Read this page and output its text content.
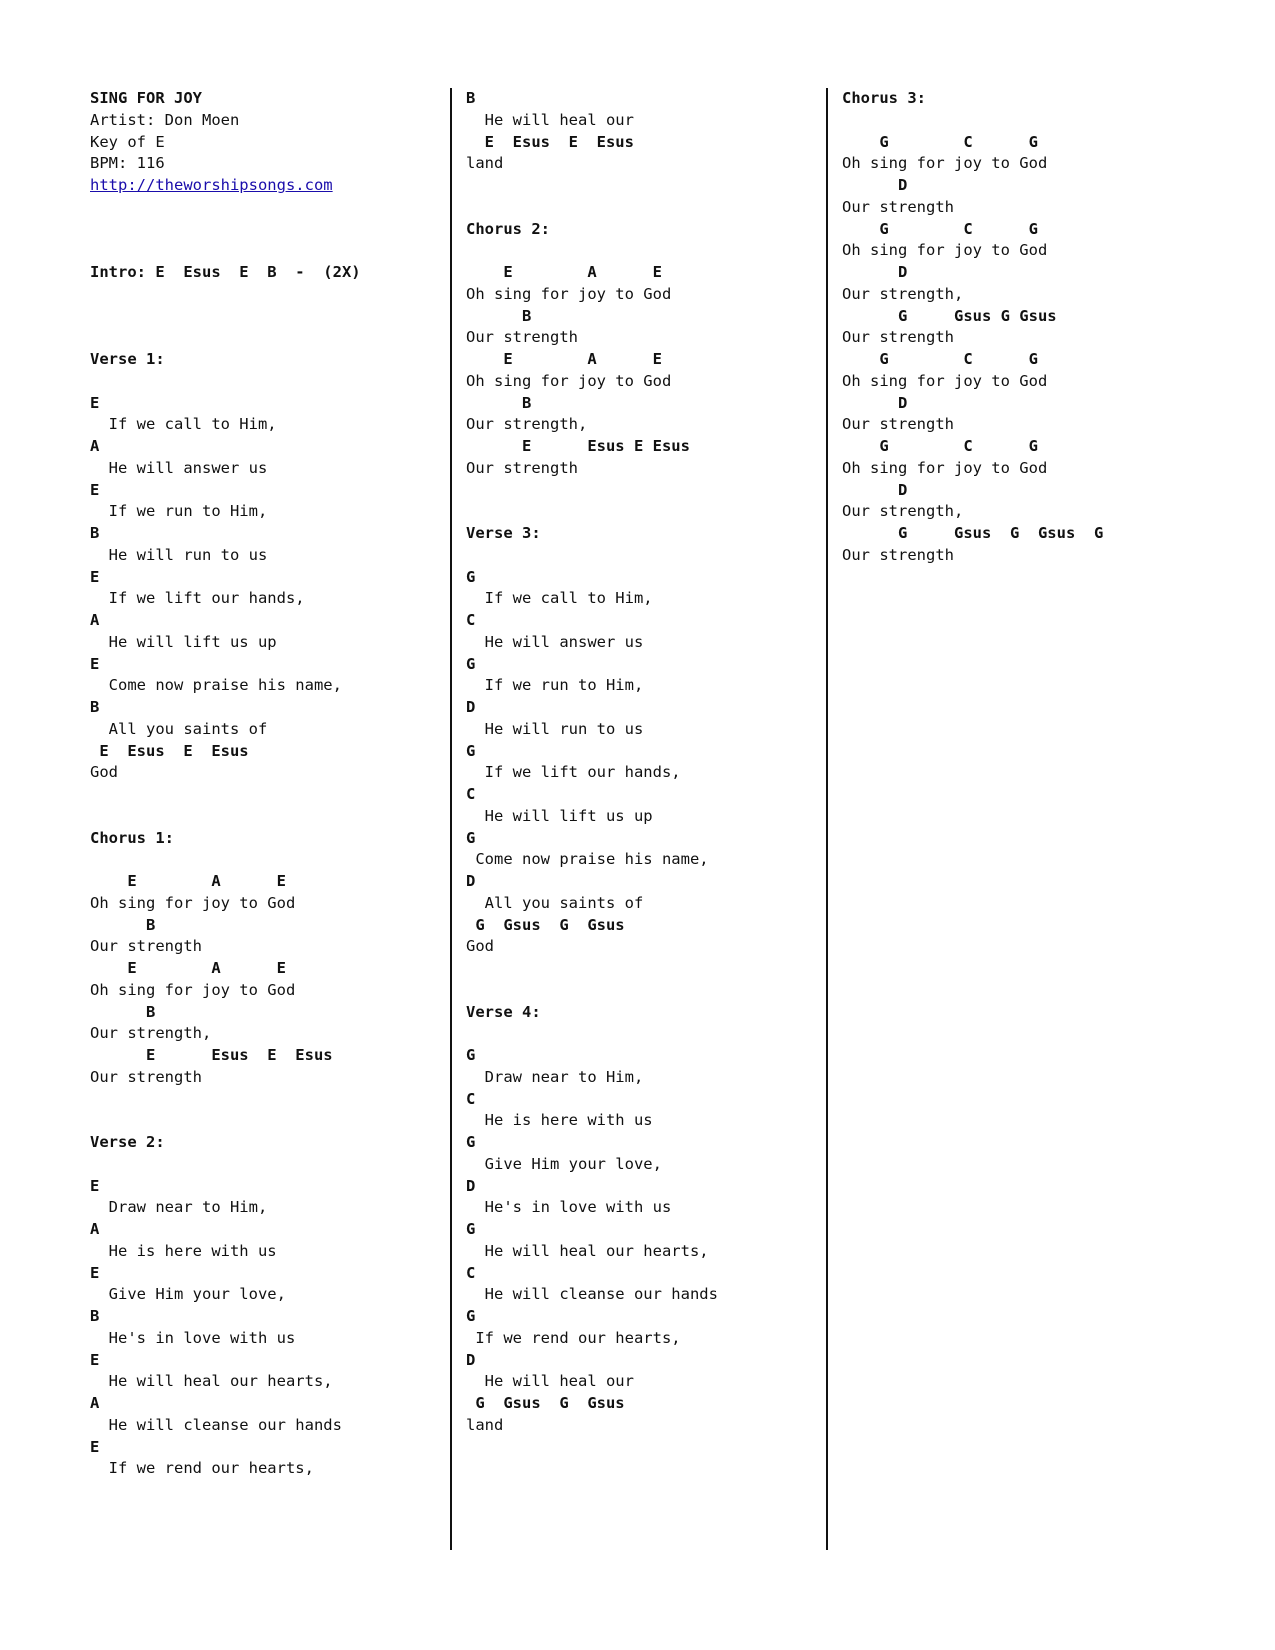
SING FOR JOY
Artist: Don Moen
Key of E
BPM: 116
http://theworshipsongs.com
Intro: E  Esus  E  B  -  (2X)
Verse 1:
E
If we call to Him,
A
He will answer us
E
If we run to Him,
B
He will run to us
E
If we lift our hands,
A
He will lift us up
E
Come now praise his name,
B
All you saints of
E  Esus  E  Esus
God
Chorus 1:
E        A      E
Oh sing for joy to God
B
Our strength
E        A      E
Oh sing for joy to God
B
Our strength,
E      Esus  E  Esus
Our strength
Verse 2:
E
Draw near to Him,
A
He is here with us
E
Give Him your love,
B
He's in love with us
E
He will heal our hearts,
A
He will cleanse our hands
E
If we rend our hearts,
B
He will heal our
E  Esus  E  Esus
land
Chorus 2:
E        A      E
Oh sing for joy to God
B
Our strength
E        A      E
Oh sing for joy to God
B
Our strength,
E      Esus E Esus
Our strength
Verse 3:
G
If we call to Him,
C
He will answer us
G
If we run to Him,
D
He will run to us
G
If we lift our hands,
C
He will lift us up
G
Come now praise his name,
D
All you saints of
G  Gsus  G  Gsus
God
Verse 4:
G
Draw near to Him,
C
He is here with us
G
Give Him your love,
D
He's in love with us
G
He will heal our hearts,
C
He will cleanse our hands
G
If we rend our hearts,
D
He will heal our
G  Gsus  G  Gsus
land
Chorus 3:
G        C      G
Oh sing for joy to God
D
Our strength
G        C      G
Oh sing for joy to God
D
Our strength,
G     Gsus G Gsus
Our strength
G        C      G
Oh sing for joy to God
D
Our strength
G        C      G
Oh sing for joy to God
D
Our strength,
G     Gsus  G  Gsus  G
Our strength
